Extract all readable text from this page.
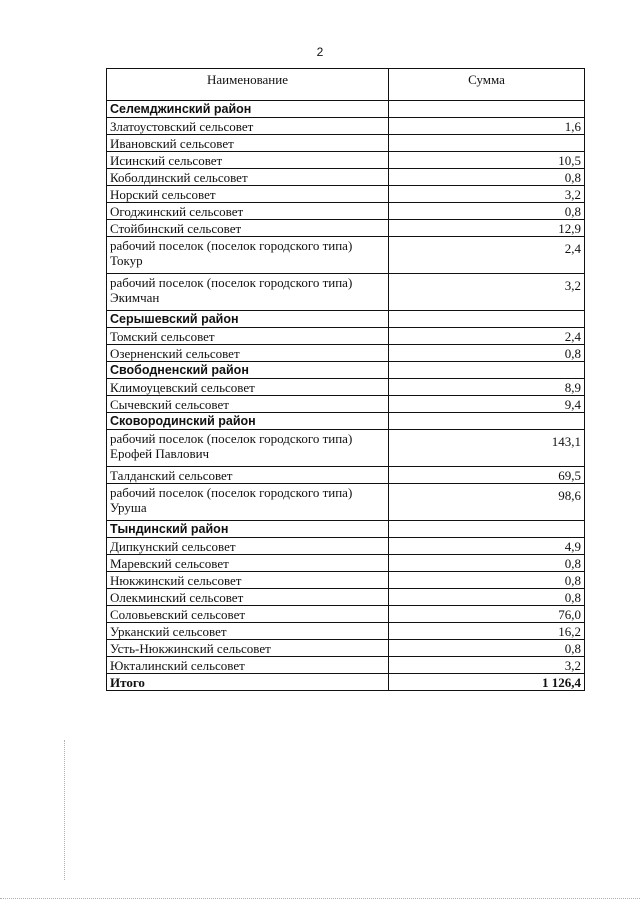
2
Наименование	Сумма
Селемджинский район	
Златоустовский сельсовет	1,6
Ивановский сельсовет	
Исинский сельсовет	10,5
Коболдинский сельсовет	0,8
Норский сельсовет	3,2
Огоджинский сельсовет	0,8
Стойбинский сельсовет	12,9
рабочий поселок (поселок городского типа)
Токур	2,4
рабочий поселок (поселок городского типа)
Экимчан	3,2
Серышевский район	
Томский сельсовет	2,4
Озерненский сельсовет	0,8
Свободненский район	
Климоуцевский сельсовет	8,9
Сычевский сельсовет	9,4
Сковородинский район	
рабочий поселок (поселок городского типа)
Ерофей Павлович	143,1
Талданский сельсовет	69,5
рабочий поселок (поселок городского типа)
Уруша	98,6
Тындинский район	
Дипкунский сельсовет	4,9
Маревский сельсовет	0,8
Нюкжинский сельсовет	0,8
Олекминский сельсовет	0,8
Соловьевский сельсовет	76,0
Урканский сельсовет	16,2
Усть-Нюкжинский сельсовет	0,8
Юкталинский сельсовет	3,2
Итого	1 126,4
